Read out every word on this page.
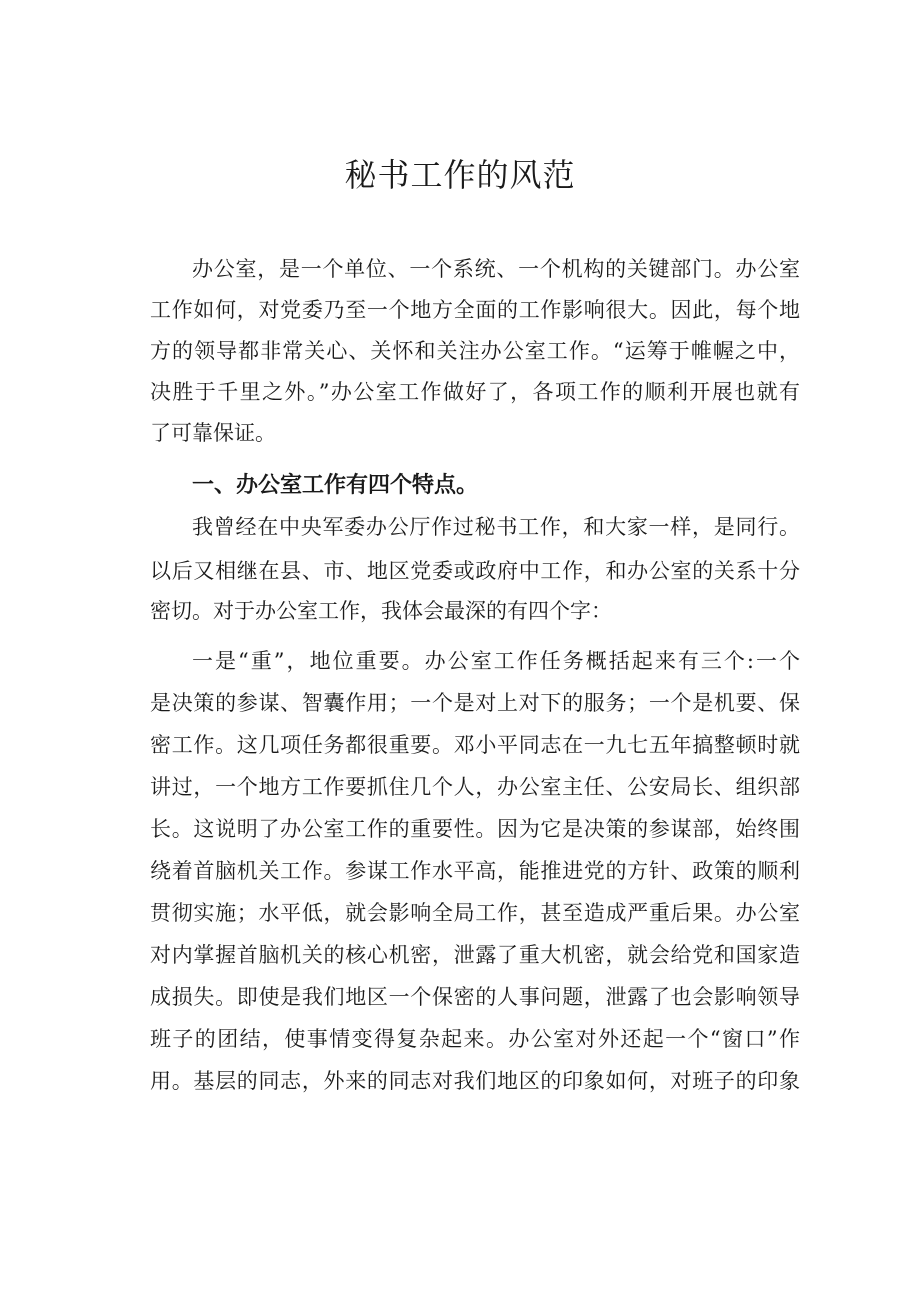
秘书工作的风范

办公室，是一个单位、一个系统、一个机构的关键部门。办公室

工作如何，对党委乃至一个地方全面的工作影响很大。因此，每个地

方的领导都非常关心、关怀和关注办公室工作。“运筹于帷幄之中，

决胜于千里之外。”办公室工作做好了，各项工作的顺利开展也就有

了可靠保证。

一、办公室工作有四个特点。

我曾经在中央军委办公厅作过秘书工作，和大家一样，是同行。

以后又相继在县、市、地区党委或政府中工作，和办公室的关系十分

密切。对于办公室工作，我体会最深的有四个字：

一是“重”，地位重要。办公室工作任务概括起来有三个:一个

是决策的参谋、智囊作用；一个是对上对下的服务；一个是机要、保

密工作。这几项任务都很重要。邓小平同志在一九七五年搞整顿时就

讲过，一个地方工作要抓住几个人，办公室主任、公安局长、组织部

长。这说明了办公室工作的重要性。因为它是决策的参谋部，始终围

绕着首脑机关工作。参谋工作水平高，能推进党的方针、政策的顺利

贯彻实施；水平低，就会影响全局工作，甚至造成严重后果。办公室

对内掌握首脑机关的核心机密，泄露了重大机密，就会给党和国家造

成损失。即使是我们地区一个保密的人事问题，泄露了也会影响领导

班子的团结，使事情变得复杂起来。办公室对外还起一个“窗口”作

用。基层的同志，外来的同志对我们地区的印象如何，对班子的印象
